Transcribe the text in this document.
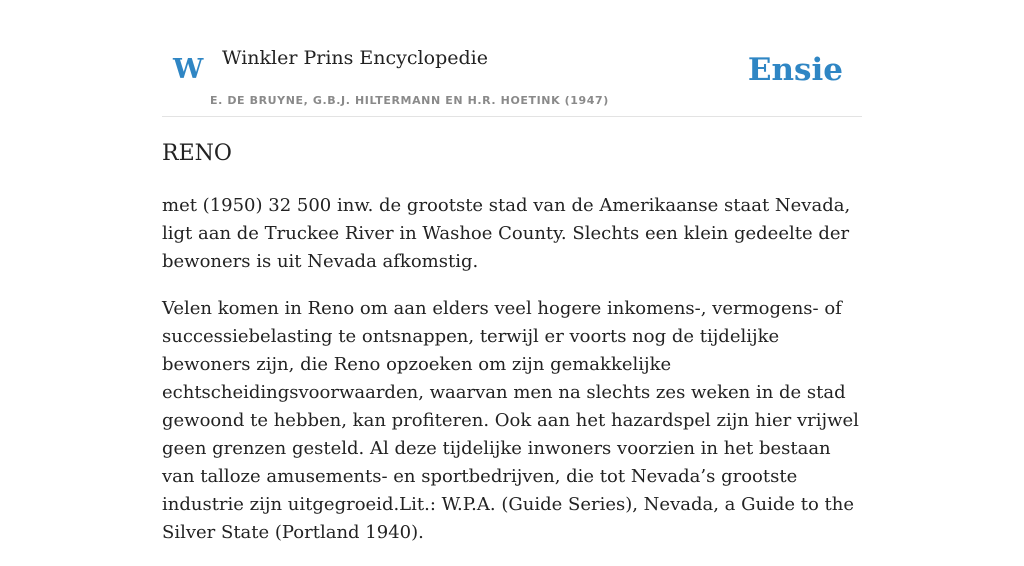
W Winkler Prins Encyclopedie
E. DE BRUYNE, G.B.J. HILTERMANN EN H.R. HOETINK (1947)
Ensie
RENO

met (1950) 32 500 inw. de grootste stad van de Amerikaanse staat Nevada, ligt aan de Truckee River in Washoe County. Slechts een klein gedeelte der bewoners is uit Nevada afkomstig.

Velen komen in Reno om aan elders veel hogere inkomens-, vermogens- of successiebelasting te ontsnappen, terwijl er voorts nog de tijdelijke bewoners zijn, die Reno opzoeken om zijn gemakkelijke echtscheidingsvoorwaarden, waarvan men na slechts zes weken in de stad gewoond te hebben, kan profiteren. Ook aan het hazardspel zijn hier vrijwel geen grenzen gesteld. Al deze tijdelijke inwoners voorzien in het bestaan van talloze amusements- en sportbedrijven, die tot Nevada’s grootste industrie zijn uitgegroeid.Lit.: W.P.A. (Guide Series), Nevada, a Guide to the Silver State (Portland 1940).
